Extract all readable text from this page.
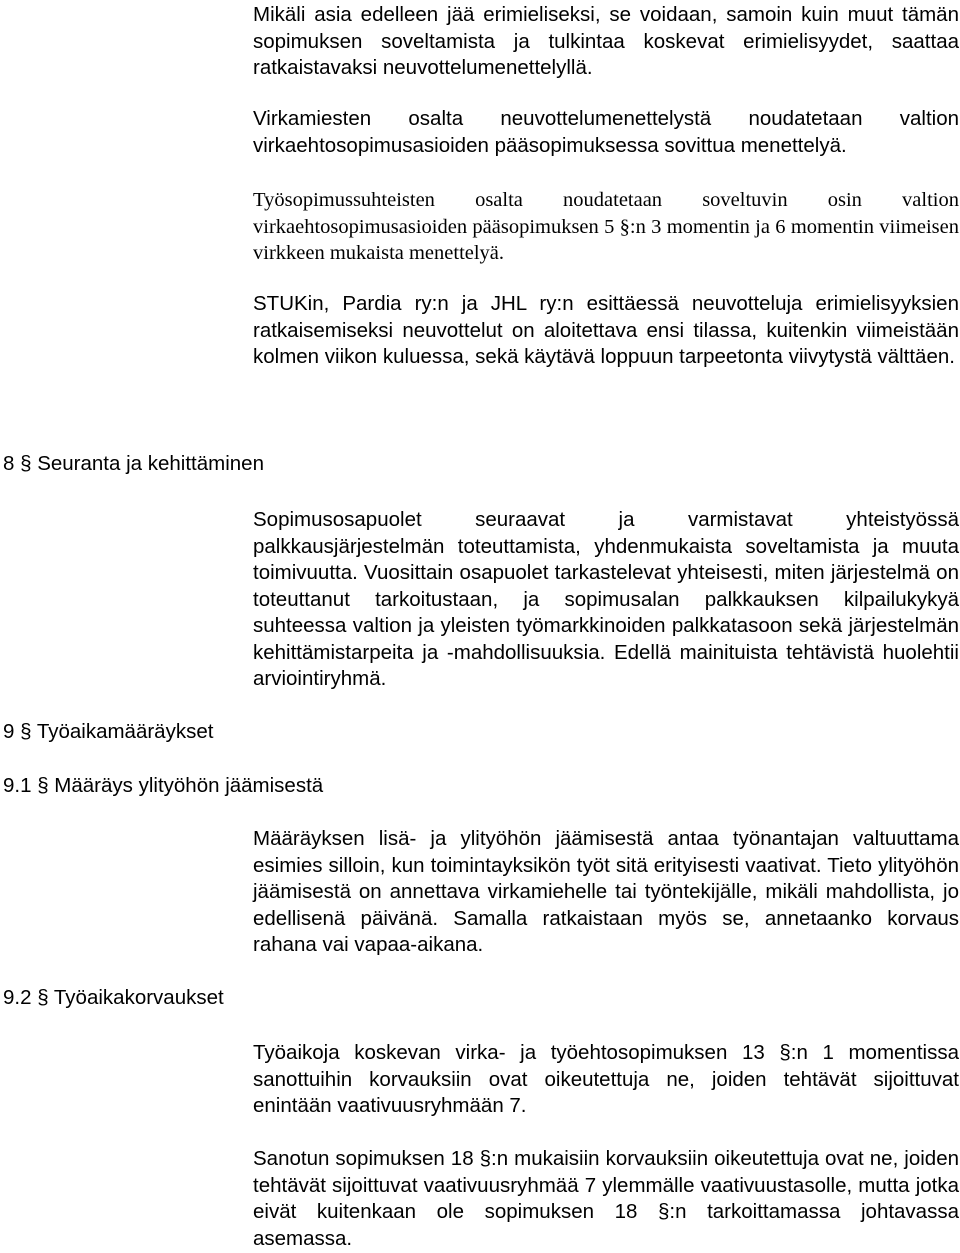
Mikäli asia edelleen jää erimieliseksi, se voidaan, samoin kuin muut tämän sopimuksen soveltamista ja tulkintaa koskevat erimielisyydet, saattaa ratkaistavaksi neuvottelumenettelyllä.

Virkamiesten osalta neuvottelumenettelystä noudatetaan valtion virkaehtosopimusasioiden pääsopimuksessa sovittua menettelyä.

Työsopimussuhteisten osalta noudatetaan soveltuvin osin valtion virkaehtosopimusasioiden pääsopimuksen 5 §:n 3 momentin ja 6 momentin viimeisen virkkeen mukaista menettelyä.

STUKin, Pardia ry:n ja JHL ry:n esittäessä neuvotteluja erimielisyyksien ratkaisemiseksi neuvottelut on aloitettava ensi tilassa, kuitenkin viimeistään kolmen viikon kuluessa, sekä käytävä loppuun tarpeetonta viivytystä välttäen.

8 § Seuranta ja kehittäminen

Sopimusosapuolet seuraavat ja varmistavat yhteistyössä palkkausjärjestelmän toteuttamista, yhdenmukaista soveltamista ja muuta toimivuutta. Vuosittain osapuolet tarkastelevat yhteisesti, miten järjestelmä on toteuttanut tarkoitustaan, ja sopimusalan palkkauksen kilpailukykyä suhteessa valtion ja yleisten työmarkkinoiden palkkatasoon sekä järjestelmän kehittämistarpeita ja -mahdollisuuksia. Edellä mainituista tehtävistä huolehtii arviointiryhmä.

9 § Työaikamääräykset
9.1 § Määräys ylityöhön jäämisestä

Määräyksen lisä- ja ylityöhön jäämisestä antaa työnantajan valtuuttama esimies silloin, kun toimintayksikön työt sitä erityisesti vaativat. Tieto ylityöhön jäämisestä on annettava virkamiehelle tai työntekijälle, mikäli mahdollista, jo edellisenä päivänä. Samalla ratkaistaan myös se, annetaanko korvaus rahana vai vapaa-aikana.

9.2 § Työaikakorvaukset

Työaikoja koskevan virka- ja työehtosopimuksen 13 §:n 1 momentissa sanottuihin korvauksiin ovat oikeutettuja ne, joiden tehtävät sijoittuvat enintään vaativuusryhmään 7.

Sanotun sopimuksen 18 §:n mukaisiin korvauksiin oikeutettuja ovat ne, joiden tehtävät sijoittuvat vaativuusryhmää 7 ylemmälle vaativuustasolle, mutta jotka eivät kuitenkaan ole sopimuksen 18 §:n tarkoittamassa johtavassa asemassa.
